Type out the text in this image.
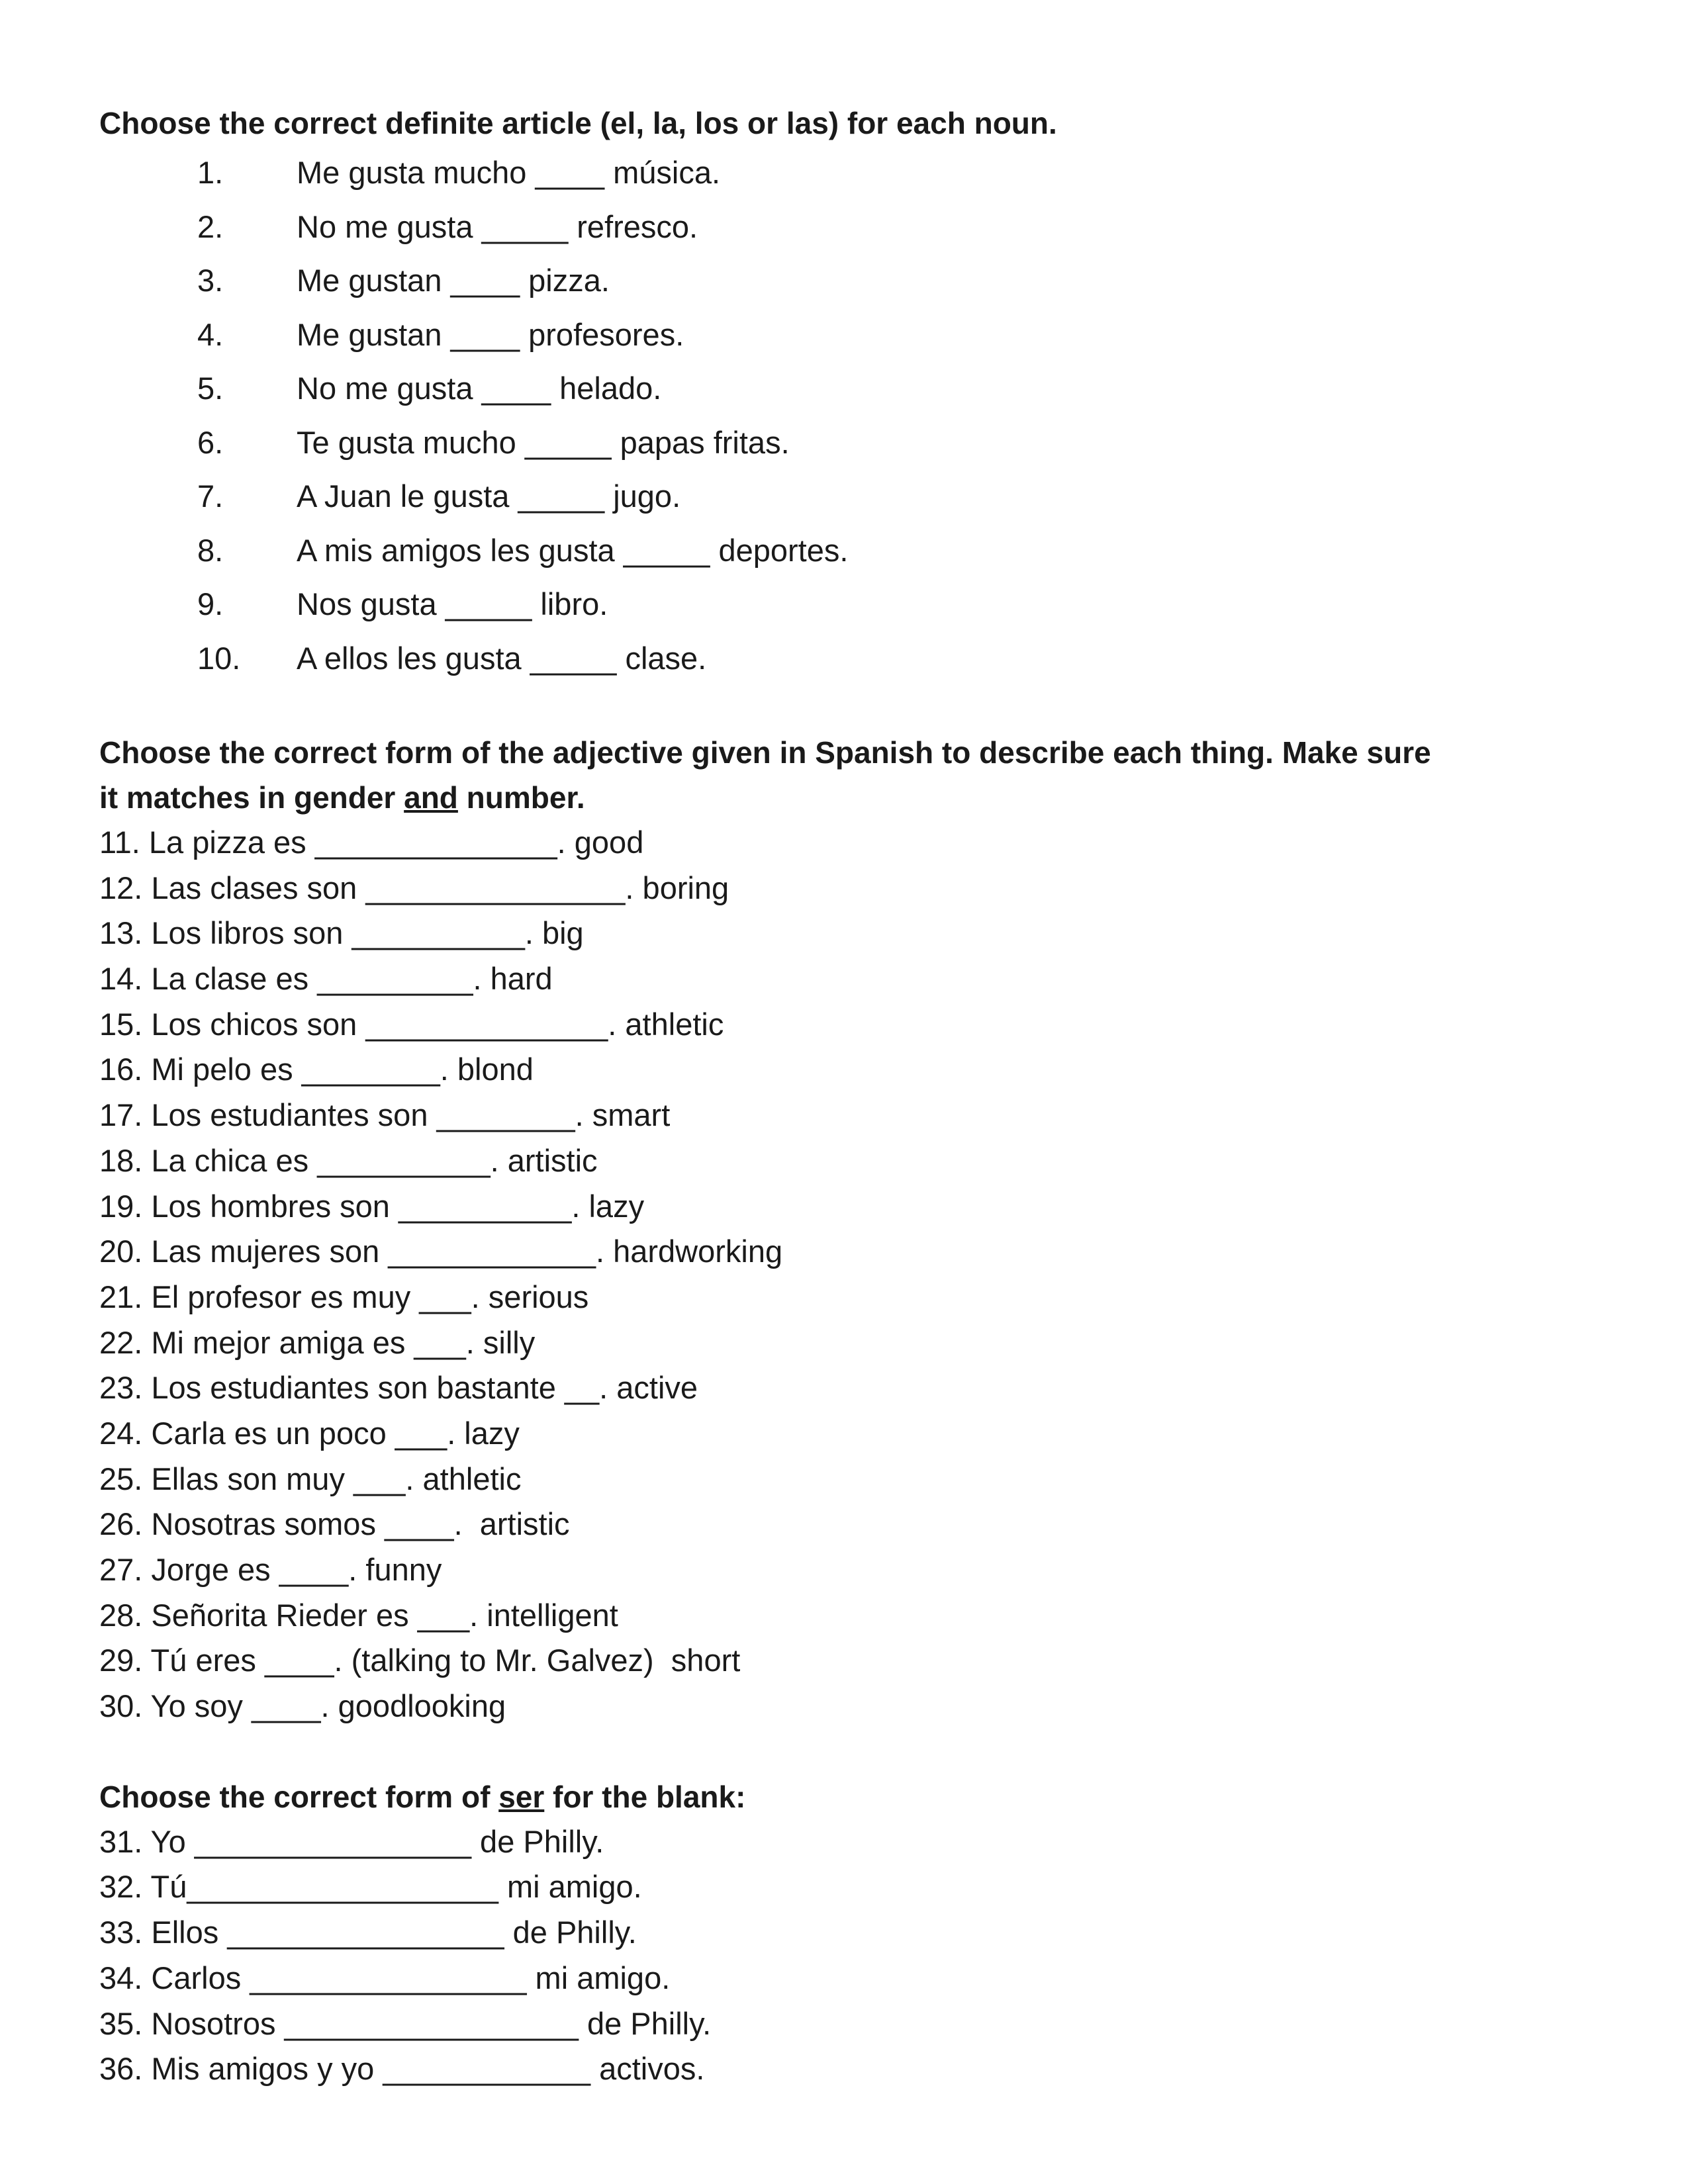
Choose the correct definite article (el, la, los or las) for each noun.

1.	Me gusta mucho ____ música.
2.	No me gusta _____ refresco.
3.	Me gustan ____ pizza.
4.	Me gustan ____ profesores.
5.	No me gusta ____ helado.
6.	Te gusta mucho _____ papas fritas.
7.	A Juan le gusta _____ jugo.
8.	A mis amigos les gusta _____ deportes.
9.	Nos gusta _____ libro.
10.	A ellos les gusta _____ clase.

Choose the correct form of the adjective given in Spanish to describe each thing. Make sure
it matches in gender and number.

11. La pizza es ______________. good
12. Las clases son _______________. boring
13. Los libros son __________. big
14. La clase es _________. hard
15. Los chicos son ______________. athletic
16. Mi pelo es ________. blond
17. Los estudiantes son ________. smart
18. La chica es __________. artistic
19. Los hombres son __________. lazy
20. Las mujeres son ____________. hardworking
21. El profesor es muy ___. serious
22. Mi mejor amiga es ___. silly
23. Los estudiantes son bastante __. active
24. Carla es un poco ___. lazy
25. Ellas son muy ___. athletic
26. Nosotras somos ____.  artistic
27. Jorge es ____. funny
28. Señorita Rieder es ___. intelligent
29. Tú eres ____. (talking to Mr. Galvez)  short
30. Yo soy ____. goodlooking

Choose the correct form of ser for the blank:

31. Yo ________________ de Philly.
32. Tú__________________ mi amigo.
33. Ellos ________________ de Philly.
34. Carlos ________________ mi amigo.
35. Nosotros _________________ de Philly.
36. Mis amigos y yo ____________ activos.
